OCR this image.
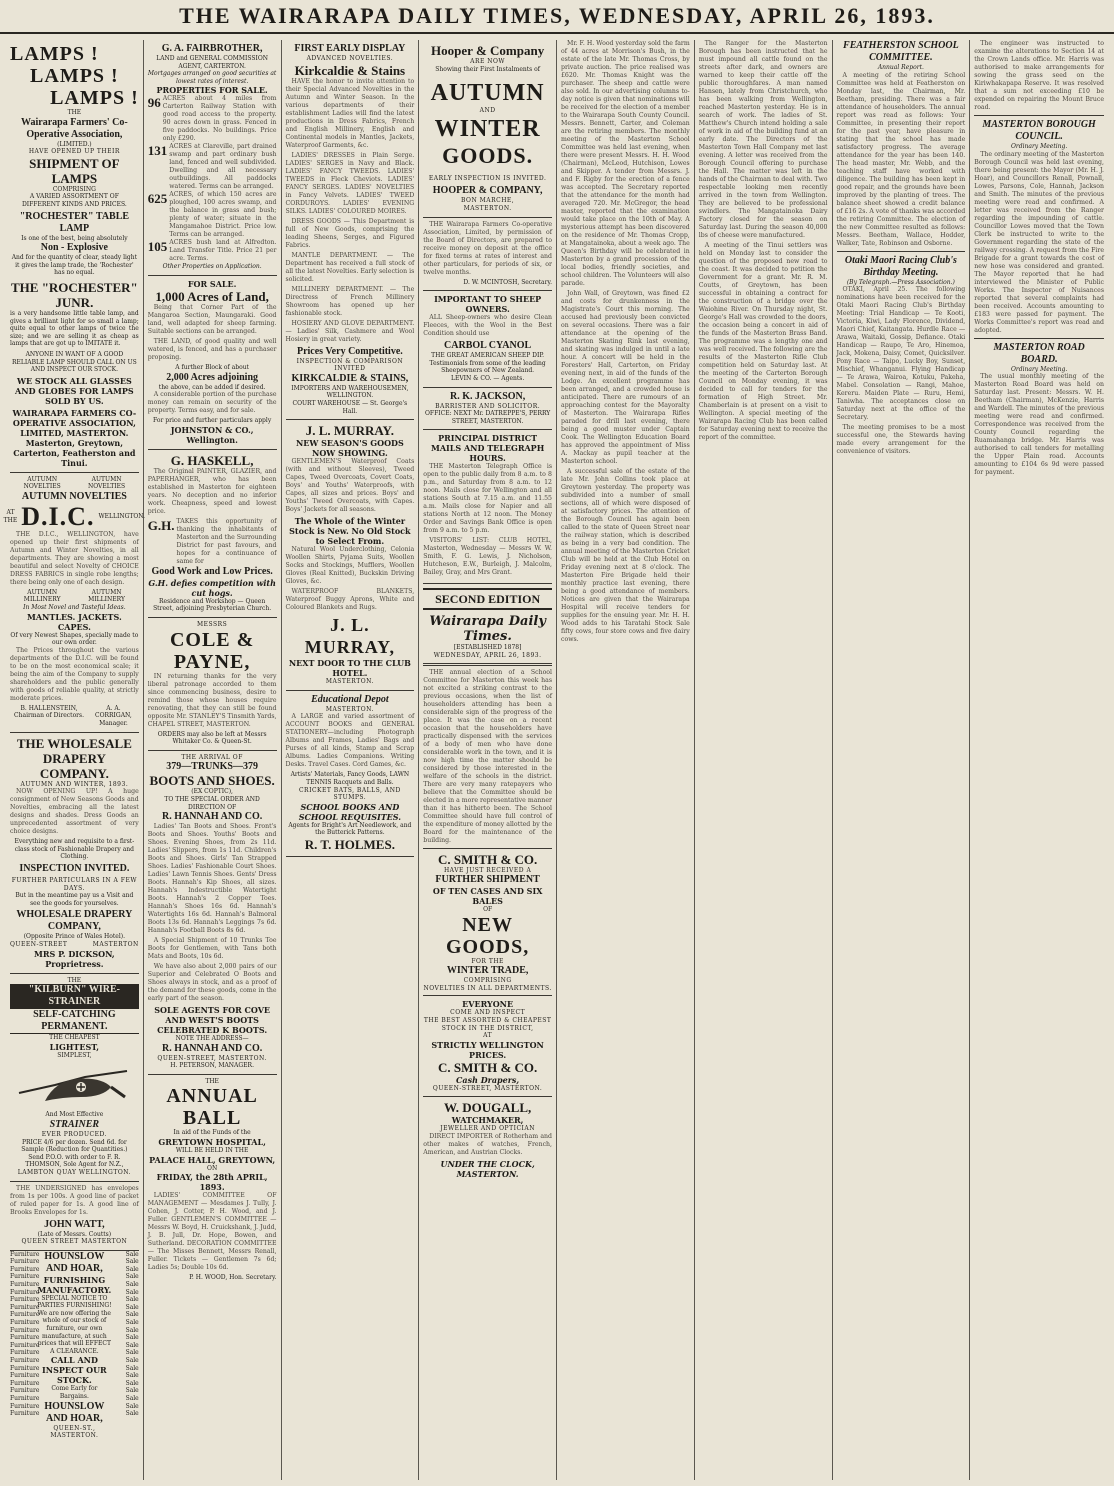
THE WAIRARAPA DAILY TIMES, WEDNESDAY, APRIL 26, 1893.
LAMPS !
LAMPS !
LAMPS !
THE
Wairarapa Farmers' Co-Operative Association,
(LIMITED.)
HAVE OPENED UP THEIR
SHIPMENT OF LAMPS
COMPRISING
A VARIED ASSORTMENT OF DIFFERENT KINDS AND PRICES.
"ROCHESTER" TABLE LAMP
Is one of the best, being absolutely
Non - Explosive
And for the quantity of clear, steady light it gives the lamp trade, the 'Rochester' has no equal.
THE "ROCHESTER" JUNR.
is a very handsome little table lamp, and gives a brilliant light for so small a lamp; quite equal to other lamps of twice the size; and we are selling it as cheap as lamps that are got up to IMITATE it.
ANYONE IN WANT OF A GOOD RELIABLE LAMP SHOULD CALL ON US AND INSPECT OUR STOCK.
WE STOCK ALL GLASSES AND GLOBES FOR LAMPS SOLD BY US.
WAIRARAPA FARMERS CO-OPERATIVE ASSOCIATION, LIMITED, MASTERTON.
Masterton, Greytown, Carterton, Featherston and Tinui.
AUTUMN NOVELTIES
AUTUMN NOVELTIES
AUTUMN NOVELTIES
AT THE D.I.C. WELLINGTON.

THE D.I.C., WELLINGTON, have opened up their first shipments of Autumn and Winter Novelties, in all departments. They are showing a most beautiful and select Novelty of CHOICE DRESS FABRICS in single robe lengths; there being only one of each design.

AUTUMN MILLINERY
AUTUMN MILLINERY
In Most Novel and Tasteful Ideas.
MANTLES. JACKETS. CAPES.
Of very Newest Shapes, specially made to our own order.

The Prices throughout the various departments of the D.I.C. will be found to be on the most economical scale; it being the aim of the Company to supply shareholders and the public generally with goods of reliable quality, at strictly moderate prices.

B. HALLENSTEIN, Chairman of Directors.
A. A. CORRIGAN, Manager.
THE WHOLESALE DRAPERY COMPANY.
AUTUMN AND WINTER, 1893.

NOW OPENING UP! A huge consignment of New Seasons Goods and Novelties, embracing all the latest designs and shades. Dress Goods an unprecedented assortment of very choice designs.

Everything new and requisite to a first-class stock of Fashionable Drapery and Clothing.
INSPECTION INVITED.
FURTHER PARTICULARS IN A FEW DAYS.
But in the meantime pay us a Visit and see the goods for yourselves.
WHOLESALE DRAPERY COMPANY,
(Opposite Prince of Wales Hotel).
QUEEN-STREET	MASTERTON
MRS P. DICKSON, Proprietress.
THE
"KILBURN" WIRE-STRAINER
SELF-CATCHING PERMANENT.
THE CHEAPEST
LIGHTEST,
SIMPLEST,
And Most Effective
STRAINER
EVER PRODUCED.
PRICE 4/6 per dozen. Send 6d. for Sample (Reduction for Quantities.)
Send P.O.O. with order to F. R. THOMSON, Sole Agent for N.Z.,
LAMBTON QUAY WELLINGTON.

THE UNDERSIGNED has envelopes from 1s per 100s. A good line of packet of ruled paper for 1s. A good line of Brooks Envelopes for 1s.

JOHN WATT,
(Late of Messrs. Coutts)
QUEEN STREET MASTERTON
Furniture
Furniture
Furniture
Furniture
Furniture
Furniture
Furniture
Furniture
Furniture
Furniture
Furniture
Furniture
Furniture
Furniture
Furniture
Furniture
Furniture
Furniture
Furniture
Furniture
Furniture
Furniture
HOUNSLOW AND HOAR,
FURNISHING MANUFACTORY.
SPECIAL NOTICE TO PARTIES FURNISHING!
We are now offering the whole of our stock of furniture, our own manufacture, at such prices that will EFFECT A CLEARANCE.
CALL AND INSPECT OUR STOCK.
Come Early for Bargains.
HOUNSLOW AND HOAR,
QUEEN-ST., MASTERTON.
Sale
Sale
Sale
Sale
Sale
Sale
Sale
Sale
Sale
Sale
Sale
Sale
Sale
Sale
Sale
Sale
Sale
Sale
Sale
Sale
Sale
Sale
G. A. FAIRBROTHER,
LAND and GENERAL COMMISSION AGENT, CARTERTON.
Mortgages arranged on good securities at lowest rates of interest.
PROPERTIES FOR SALE.
96 ACRES about 4 miles from Carterton Railway Station with good road access to the property. 90 acres down in grass. Fenced in five paddocks. No buildings. Price only £290.
131 ACRES at Clareville, part drained swamp and part ordinary bush land, fenced and well subdivided. Dwelling and all necessary outbuildings. All paddocks watered. Terms can be arranged.
625 ACRES, of which 150 acres are ploughed, 100 acres swamp, and the balance in grass and bush; plenty of water; situate in the Mangamahoe District. Price low. Terms can be arranged.
105 ACRES bush land at Alfredton. Land Transfer Title. Price 21 per acre. Terms.
Other Properties on Application.
FOR SALE.
1,000 Acres of Land,

Being that Corner Part of the Mangaroa Section, Maungaraki. Good land, well adapted for sheep farming. Suitable sections can be arranged.

THE LAND, of good quality and well watered, is fenced, and has a purchaser proposing.

A further Block of about
2,000 Acres adjoining
the above, can be added if desired.

A considerable portion of the purchase money can remain on security of the property. Terms easy, and for sale.

For price and further particulars apply
JOHNSTON & CO., Wellington.
G. HASKELL,

The Original PAINTER, GLAZIER, and PAPERHANGER, who has been established in Masterton for eighteen years. No deception and no inferior work. Cheapness, speed and lowest price.

G.H. TAKES this opportunity of thanking the inhabitants of Masterton and the Surrounding District for past favours, and hopes for a continuance of same for
Good Work and Low Prices.
G.H. defies competition with cut hogs.
Residence and Workshop — Queen Street, adjoining Presbyterian Church.
MESSRS
COLE &
PAYNE,

IN returning thanks for the very liberal patronage accorded to them since commencing business, desire to remind those whose houses require renovating, that they can still be found opposite Mr. STANLEY'S Tinsmith Yards, CHAPEL STREET, MASTERTON.

ORDERS may also be left at Messrs Whitaker Co. & Queen-St.
THE ARRIVAL OF
379—TRUNKS—379
BOOTS AND SHOES.
(EX COPTIC),
TO THE SPECIAL ORDER AND DIRECTION OF
R. HANNAH AND CO.

Ladies' Tan Boots and Shoes. Front's Boots and Shoes. Youths' Boots and Shoes. Evening Shoes, from 2s 11d. Ladies' Slippers, from 1s 11d. Children's Boots and Shoes. Girls' Tan Strapped Shoes. Ladies' Fashionable Court Shoes. Ladies' Lawn Tennis Shoes. Gents' Dress Boots. Hannah's Kip Shoes, all sizes. Hannah's Indestructible Watertight Boots. Hannah's 2 Copper Toes. Hannah's Shoes 16s 6d. Hannah's Watertights 16s 6d. Hannah's Balmoral Boots 13s 6d. Hannah's Leggings 7s 6d. Hannah's Football Boots 8s 6d.

A Special Shipment of 10 Trunks Toe Boots for Gentlemen, with Tans both Mats and Boots, 10s 6d.

We have also about 2,000 pairs of our Superior and Celebrated O Boots and Shoes always in stock, and as a proof of the demand for these goods, come in the early part of the season.

SOLE AGENTS FOR COVE AND WEST'S BOOTS
CELEBRATED K BOOTS.
NOTE THE ADDRESS—
R. HANNAH AND CO.
QUEEN-STREET, MASTERTON.
H. PETERSON, MANAGER.
THE
ANNUAL BALL
In aid of the Funds of the
GREYTOWN HOSPITAL,
WILL BE HELD IN THE
PALACE HALL, GREYTOWN,
ON
FRIDAY, the 28th APRIL, 1893.

LADIES' COMMITTEE OF MANAGEMENT — Mesdames J. Tully, J. Cohen, J. Cotter, P. H. Wood, and J. Fuller. GENTLEMEN'S COMMITTEE — Messrs W. Boyd, H. Cruickshank, J. Judd, J. B. Jull, Dr. Hope, Bowen, and Sutherland. DECORATION COMMITTEE — The Misses Bennett, Messrs Renall, Fuller. Tickets — Gentlemen 7s 6d; Ladies 5s; Double 10s 6d.

P. H. WOOD, Hon. Secretary.
FIRST EARLY DISPLAY
ADVANCED NOVELTIES.
Kirkcaldie & Stains

HAVE the honor to invite attention to their Special Advanced Novelties in the Autumn and Winter Season. In the various departments of their establishment Ladies will find the latest productions in Dress Fabrics, French and English Millinery, English and Continental models in Mantles, Jackets, Waterproof Garments, &c.

LADIES' DRESSES in Plain Serge. LADIES' SERGES in Navy and Black. LADIES' FANCY TWEEDS. LADIES' TWEEDS in Fleck Cheviots. LADIES' FANCY SERGES. LADIES' NOVELTIES in Fancy Velvets. LADIES' TWEED CORDUROYS. LADIES' EVENING SILKS. LADIES' COLOURED MOIRES.

DRESS GOODS — This Department is full of New Goods, comprising the leading Sheens, Serges, and Figured Fabrics.

MANTLE DEPARTMENT. — The Department has received a full stock of all the latest Novelties. Early selection is solicited.

MILLINERY DEPARTMENT. — The Directress of French Millinery Showroom has opened up her fashionable stock.

HOSIERY AND GLOVE DEPARTMENT. — Ladies' Silk, Cashmere and Wool Hosiery in great variety.

Prices Very Competitive.
INSPECTION & COMPARISON INVITED
KIRKCALDIE & STAINS,
IMPORTERS AND WAREHOUSEMEN, WELLINGTON.
COURT WAREHOUSE — St. George's Hall.
J. L. MURRAY.
NEW SEASON'S GOODS NOW SHOWING.

GENTLEMEN'S Waterproof Coats (with and without Sleeves), Tweed Capes, Tweed Overcoats, Covert Coats, Boys' and Youths' Waterproofs, with Capes, all sizes and prices. Boys' and Youths' Tweed Overcoats, with Capes. Boys' Jackets for all seasons.

The Whole of the Winter Stock is New. No Old Stock to Select From.

Natural Wool Underclothing, Celonia Woollen Shirts, Pyjama Suits, Woollen Socks and Stockings, Mufflers, Woollen Gloves (Real Knitted), Buckskin Driving Gloves, &c.

WATERPROOF BLANKETS, Waterproof Buggy Aprons, White and Coloured Blankets and Rugs.

J. L. MURRAY,
NEXT DOOR TO THE CLUB HOTEL.
MASTERTON.
Educational Depot
MASTERTON.

A LARGE and varied assortment of ACCOUNT BOOKS and GENERAL STATIONERY—including Photograph Albums and Frames, Ladies' Bags and Purses of all kinds, Stamp and Scrap Albums. Ladies Companions. Writing Desks. Travel Cases. Cord Games, &c.

Artists' Materials, Fancy Goods, LAWN TENNIS Racquets and Balls.
CRICKET BATS, BALLS, AND STUMPS.
SCHOOL BOOKS AND SCHOOL REQUISITES.
Agents for Bright's Art Needlework, and the Butterick Patterns.
R. T. HOLMES.
Hooper & Company
ARE NOW
Showing their First Instalments of
AUTUMN
AND
WINTER
GOODS.
EARLY INSPECTION IS INVITED.
HOOPER & COMPANY,
BON MARCHE,
MASTERTON.

THE Wairarapa Farmers Co-operative Association, Limited, by permission of the Board of Directors, are prepared to receive money on deposit at the office for fixed terms at rates of interest and other particulars, for periods of six, or twelve months.

D. W. MCINTOSH, Secretary.
IMPORTANT TO SHEEP OWNERS.

ALL Sheep-owners who desire Clean Fleeces, with the Wool in the Best Condition should use

CARBOL CYANOL
THE GREAT AMERICAN SHEEP DIP. Testimonials from some of the leading Sheepowners of New Zealand.
LEVIN & CO. — Agents.
R. K. JACKSON,
BARRISTER AND SOLICITOR.
OFFICE: NEXT Mr. DATREPPE'S, PERRY STREET, MASTERTON.
PRINCIPAL DISTRICT MAILS AND TELEGRAPH HOURS.

THE Masterton Telegraph Office is open to the public daily from 8 a.m. to 8 p.m., and Saturday from 8 a.m. to 12 noon. Mails close for Wellington and all stations South at 7.15 a.m. and 11.55 a.m. Mails close for Napier and all stations North at 12 noon. The Money Order and Savings Bank Office is open from 9 a.m. to 5 p.m.

VISITORS' LIST: CLUB HOTEL, Masterton, Wednesday — Messrs W. W. Smith, F. G. Lewis, J. Nicholson, Hutcheson, E.W., Burleigh, J. Malcolm, Bailey, Gray, and Mrs Grant.

SECOND EDITION
Wairarapa Daily Times.
[ESTABLISHED 1878]
WEDNESDAY, APRIL 26, 1893.

THE annual election of a School Committee for Masterton this week has not excited a striking contrast to the previous occasions, when the list of householders attending has been a considerable sign of the progress of the place. It was the case on a recent occasion that the householders have practically dispensed with the services of a body of men who have done considerable work in the town, and it is now high time the matter should be considered by those interested in the welfare of the schools in the district. There are very many ratepayers who believe that the Committee should be elected in a more representative manner than it has hitherto been. The School Committee should have full control of the expenditure of money allotted by the Board for the maintenance of the building.

C. SMITH & CO.
HAVE JUST RECEIVED A
FURTHER SHIPMENT
OF TEN CASES AND SIX BALES
OF
NEW GOODS,
FOR THE
WINTER TRADE,
COMPRISING
NOVELTIES IN ALL DEPARTMENTS.
EVERYONE
COME AND INSPECT
THE BEST ASSORTED & CHEAPEST STOCK IN THE DISTRICT,
AT
STRICTLY WELLINGTON PRICES.
C. SMITH & CO.
Cash Drapers,
QUEEN-STREET, MASTERTON.
W. DOUGALL,
WATCHMAKER,
JEWELLER AND OPTICIAN

DIRECT IMPORTER of Rotherham and other makes of watches, French, American, and Austrian Clocks.

UNDER THE CLOCK, MASTERTON.

Mr. F. H. Wood yesterday sold the farm of 44 acres at Morrison's Bush, in the estate of the late Mr. Thomas Cross, by private auction. The price realised was £620. Mr. Thomas Knight was the purchaser. The sheep and cattle were also sold. In our advertising columns to-day notice is given that nominations will be received for the election of a member to the Wairarapa South County Council. Messrs. Bennett, Carter, and Coleman are the retiring members. The monthly meeting of the Masterton School Committee was held last evening, when there were present Messrs. H. H. Wood (Chairman), McLeod, Hutchison, Lowes and Skipper. A tender from Messrs. J. and F. Rigby for the erection of a fence was accepted. The Secretary reported that the attendance for the month had averaged 720. Mr. McGregor, the head master, reported that the examination would take place on the 10th of May. A mysterious attempt has been discovered on the residence of Mr. Thomas Cropp, at Mangatainoka, about a week ago. The Queen's Birthday will be celebrated in Masterton by a grand procession of the local bodies, friendly societies, and school children. The Volunteers will also parade.

John Wall, of Greytown, was fined £2 and costs for drunkenness in the Magistrate's Court this morning. The accused had previously been convicted on several occasions. There was a fair attendance at the opening of the Masterton Skating Rink last evening, and skating was indulged in until a late hour. A concert will be held in the Foresters' Hall, Carterton, on Friday evening next, in aid of the funds of the Lodge. An excellent programme has been arranged, and a crowded house is anticipated. There are rumours of an approaching contest for the Mayoralty of Masterton. The Wairarapa Rifles paraded for drill last evening, there being a good muster under Captain Cook. The Wellington Education Board has approved the appointment of Miss A. Mackay as pupil teacher at the Masterton school.

A successful sale of the estate of the late Mr. John Collins took place at Greytown yesterday. The property was subdivided into a number of small sections, all of which were disposed of at satisfactory prices. The attention of the Borough Council has again been called to the state of Queen Street near the railway station, which is described as being in a very bad condition. The annual meeting of the Masterton Cricket Club will be held at the Club Hotel on Friday evening next at 8 o'clock. The Masterton Fire Brigade held their monthly practice last evening, there being a good attendance of members. Notices are given that the Wairarapa Hospital will receive tenders for supplies for the ensuing year. Mr. H. H. Wood adds to his Taratahi Stock Sale fifty cows, four store cows and five dairy cows.

The Ranger for the Masterton Borough has been instructed that he must impound all cattle found on the streets after dark, and owners are warned to keep their cattle off the public thoroughfares. A man named Hansen, lately from Christchurch, who has been walking from Wellington, reached Masterton yesterday. He is in search of work. The ladies of St. Matthew's Church intend holding a sale of work in aid of the building fund at an early date. The Directors of the Masterton Town Hall Company met last evening. A letter was received from the Borough Council offering to purchase the Hall. The matter was left in the hands of the Chairman to deal with. Two respectable looking men recently arrived in the town from Wellington. They are believed to be professional swindlers. The Mangatainoka Dairy Factory closed for the season on Saturday last. During the season 40,000 lbs of cheese were manufactured.

A meeting of the Tinui settlers was held on Monday last to consider the question of the proposed new road to the coast. It was decided to petition the Government for a grant. Mr. R. M. Coutts, of Greytown, has been successful in obtaining a contract for the construction of a bridge over the Waiohine River. On Thursday night, St. George's Hall was crowded to the doors, the occasion being a concert in aid of the funds of the Masterton Brass Band. The programme was a lengthy one and was well received. The following are the results of the Masterton Rifle Club competition held on Saturday last. At the meeting of the Carterton Borough Council on Monday evening, it was decided to call for tenders for the formation of High Street. Mr. Chamberlain is at present on a visit to Wellington. A special meeting of the Wairarapa Racing Club has been called for Saturday evening next to receive the report of the committee.

FEATHERSTON SCHOOL COMMITTEE.
Annual Report.

A meeting of the retiring School Committee was held at Featherston on Monday last, the Chairman, Mr. Beetham, presiding. There was a fair attendance of householders. The annual report was read as follows: Your Committee, in presenting their report for the past year, have pleasure in stating that the school has made satisfactory progress. The average attendance for the year has been 140. The head master, Mr. Webb, and the teaching staff have worked with diligence. The building has been kept in good repair, and the grounds have been improved by the planting of trees. The balance sheet showed a credit balance of £16 2s. A vote of thanks was accorded the retiring Committee. The election of the new Committee resulted as follows: Messrs. Beetham, Wallace, Hodder, Walker, Tate, Robinson and Osborne.

Otaki Maori Racing Club's Birthday Meeting.
(By Telegraph.—Press Association.)

OTAKI, April 25. The following nominations have been received for the Otaki Maori Racing Club's Birthday Meeting: Trial Handicap — Te Kooti, Victoria, Kiwi, Lady Florence, Dividend, Maori Chief, Kaitangata. Hurdle Race — Arawa, Waitaki, Gossip, Defiance. Otaki Handicap — Raupo, Te Aro, Hinemoa, Jack, Mokena, Daisy, Comet, Quicksilver. Pony Race — Taipo, Lucky Boy, Sunset, Mischief, Whanganui. Flying Handicap — Te Arawa, Wairoa, Kotuku, Pakeha, Mabel. Consolation — Rangi, Mahoe, Kereru. Maiden Plate — Ruru, Hemi, Taniwha. The acceptances close on Saturday next at the office of the Secretary.

The meeting promises to be a most successful one, the Stewards having made every arrangement for the convenience of visitors.

The engineer was instructed to examine the alterations to Section 14 at the Crown Lands office. Mr. Harris was authorised to make arrangements for sowing the grass seed on the Kiriwhakapapa Reserve. It was resolved that a sum not exceeding £10 be expended on repairing the Mount Bruce road.

MASTERTON BOROUGH COUNCIL.
Ordinary Meeting.

The ordinary meeting of the Masterton Borough Council was held last evening, there being present: the Mayor (Mr. H. J. Hoar), and Councillors Renall, Pownall, Lowes, Parsons, Cole, Hannah, Jackson and Smith. The minutes of the previous meeting were read and confirmed. A letter was received from the Ranger regarding the impounding of cattle. Councillor Lowes moved that the Town Clerk be instructed to write to the Government regarding the state of the railway crossing. A request from the Fire Brigade for a grant towards the cost of new hose was considered and granted. The Mayor reported that he had interviewed the Minister of Public Works. The Inspector of Nuisances reported that several complaints had been received. Accounts amounting to £183 were passed for payment. The Works Committee's report was read and adopted.

MASTERTON ROAD BOARD.
Ordinary Meeting.

The usual monthly meeting of the Masterton Road Board was held on Saturday last. Present: Messrs. W. H. Beetham (Chairman), McKenzie, Harris and Wardell. The minutes of the previous meeting were read and confirmed. Correspondence was received from the County Council regarding the Ruamahanga bridge. Mr. Harris was authorised to call tenders for metalling the Upper Plain road. Accounts amounting to £104 6s 9d were passed for payment.
